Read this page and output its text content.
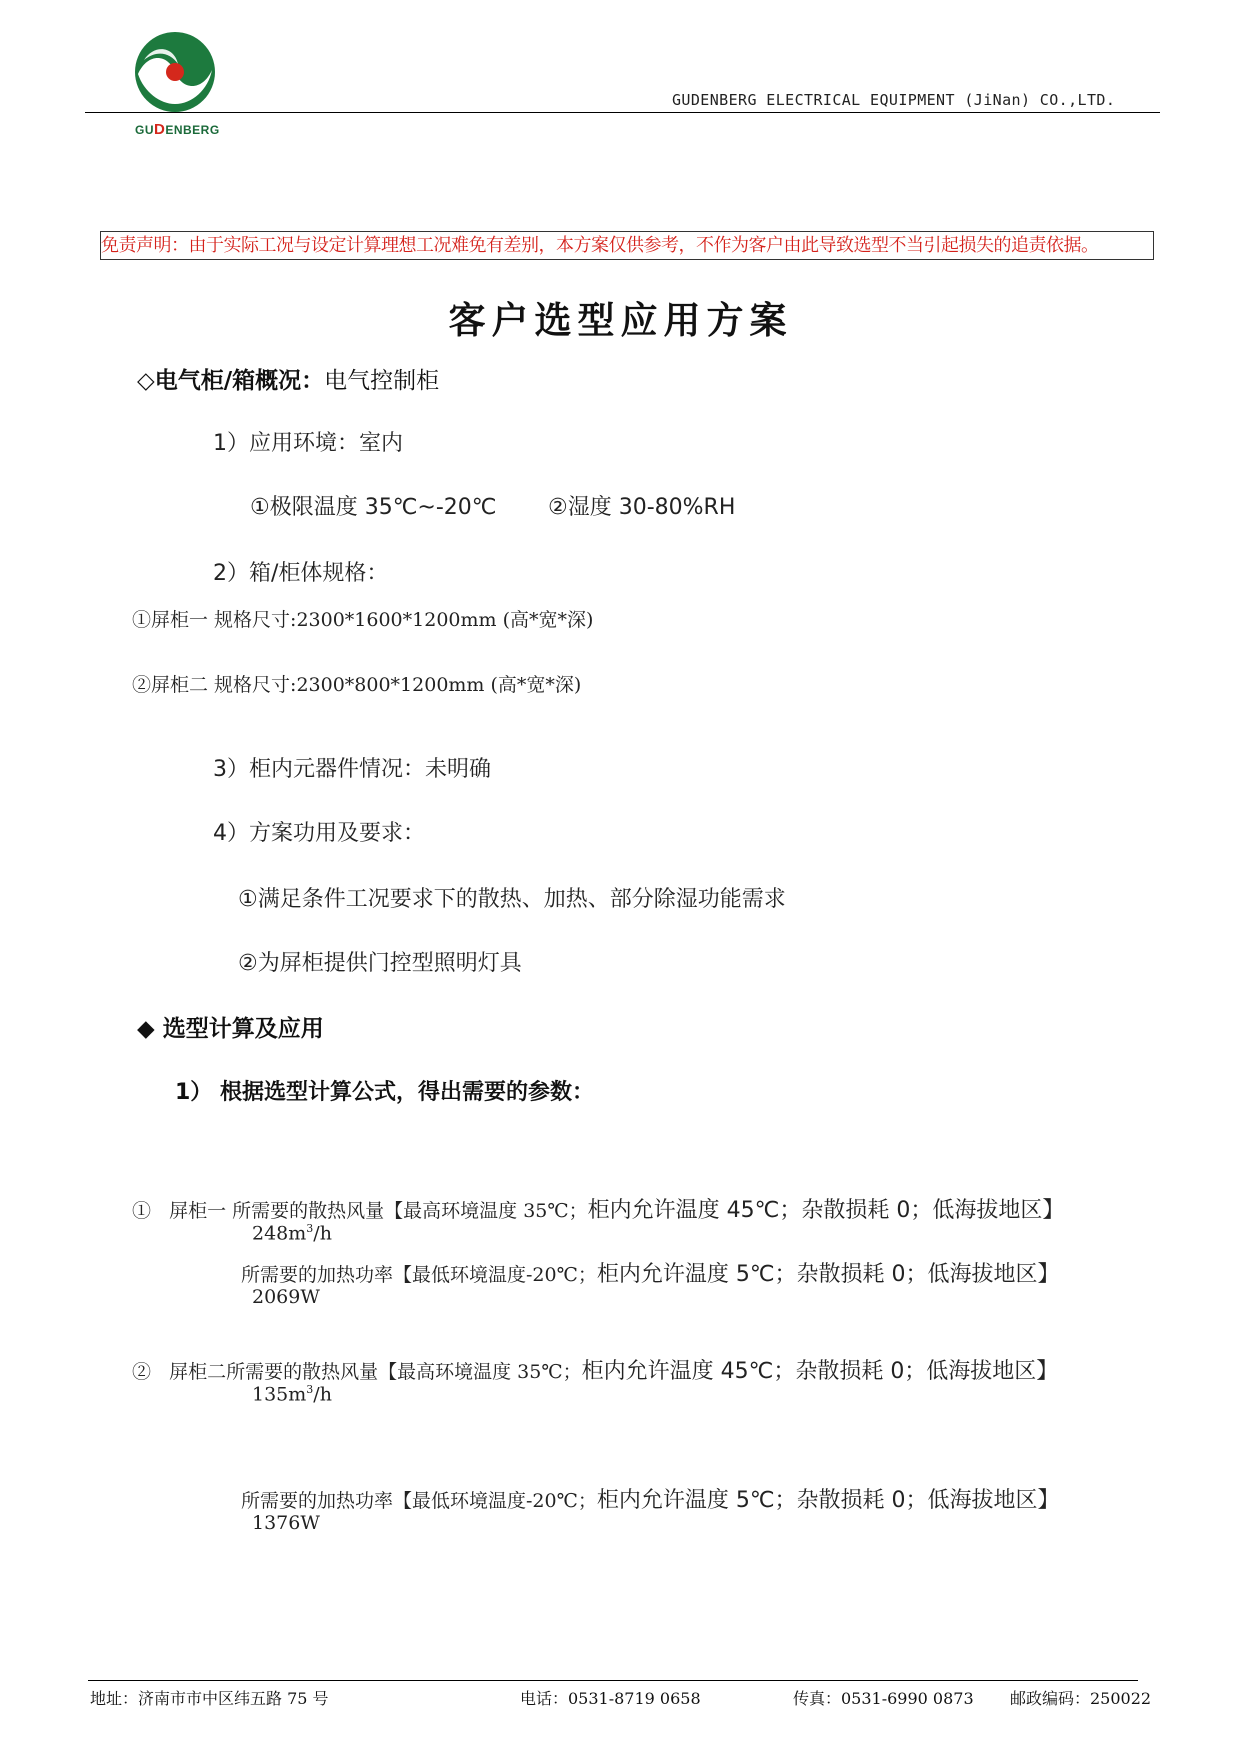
GUDENBERG
GUDENBERG ELECTRICAL EQUIPMENT (JiNan) CO.,LTD.
免责声明：由于实际工况与设定计算理想工况难免有差别，本方案仅供参考，不作为客户由此导致选型不当引起损失的追责依据。
客户选型应用方案
◇电气柜/箱概况：电气控制柜
1）应用环境：室内
①极限温度 35℃~-20℃ ②湿度 30-80%RH
2）箱/柜体规格：
①屏柜一 规格尺寸:2300*1600*1200mm (高*宽*深)
②屏柜二 规格尺寸:2300*800*1200mm (高*宽*深)
3）柜内元器件情况：未明确
4）方案功用及要求：
①满足条件工况要求下的散热、加热、部分除湿功能需求
②为屏柜提供门控型照明灯具
◆ 选型计算及应用
1） 根据选型计算公式，得出需要的参数：
① 屏柜一 所需要的散热风量【最高环境温度 35℃；柜内允许温度 45℃；杂散损耗 0；低海拔地区】
$248m^3/h$
所需要的加热功率【最低环境温度-20℃；柜内允许温度 5℃；杂散损耗 0；低海拔地区】
2069W
② 屏柜二所需要的散热风量【最高环境温度 35℃；柜内允许温度 45℃；杂散损耗 0；低海拔地区】
$135m^3/h$
所需要的加热功率【最低环境温度-20℃；柜内允许温度 5℃；杂散损耗 0；低海拔地区】
1376W
地址：济南市市中区纬五路 75 号	电话：0531-8719 0658	传真：0531-6990 0873 邮政编码：250022
